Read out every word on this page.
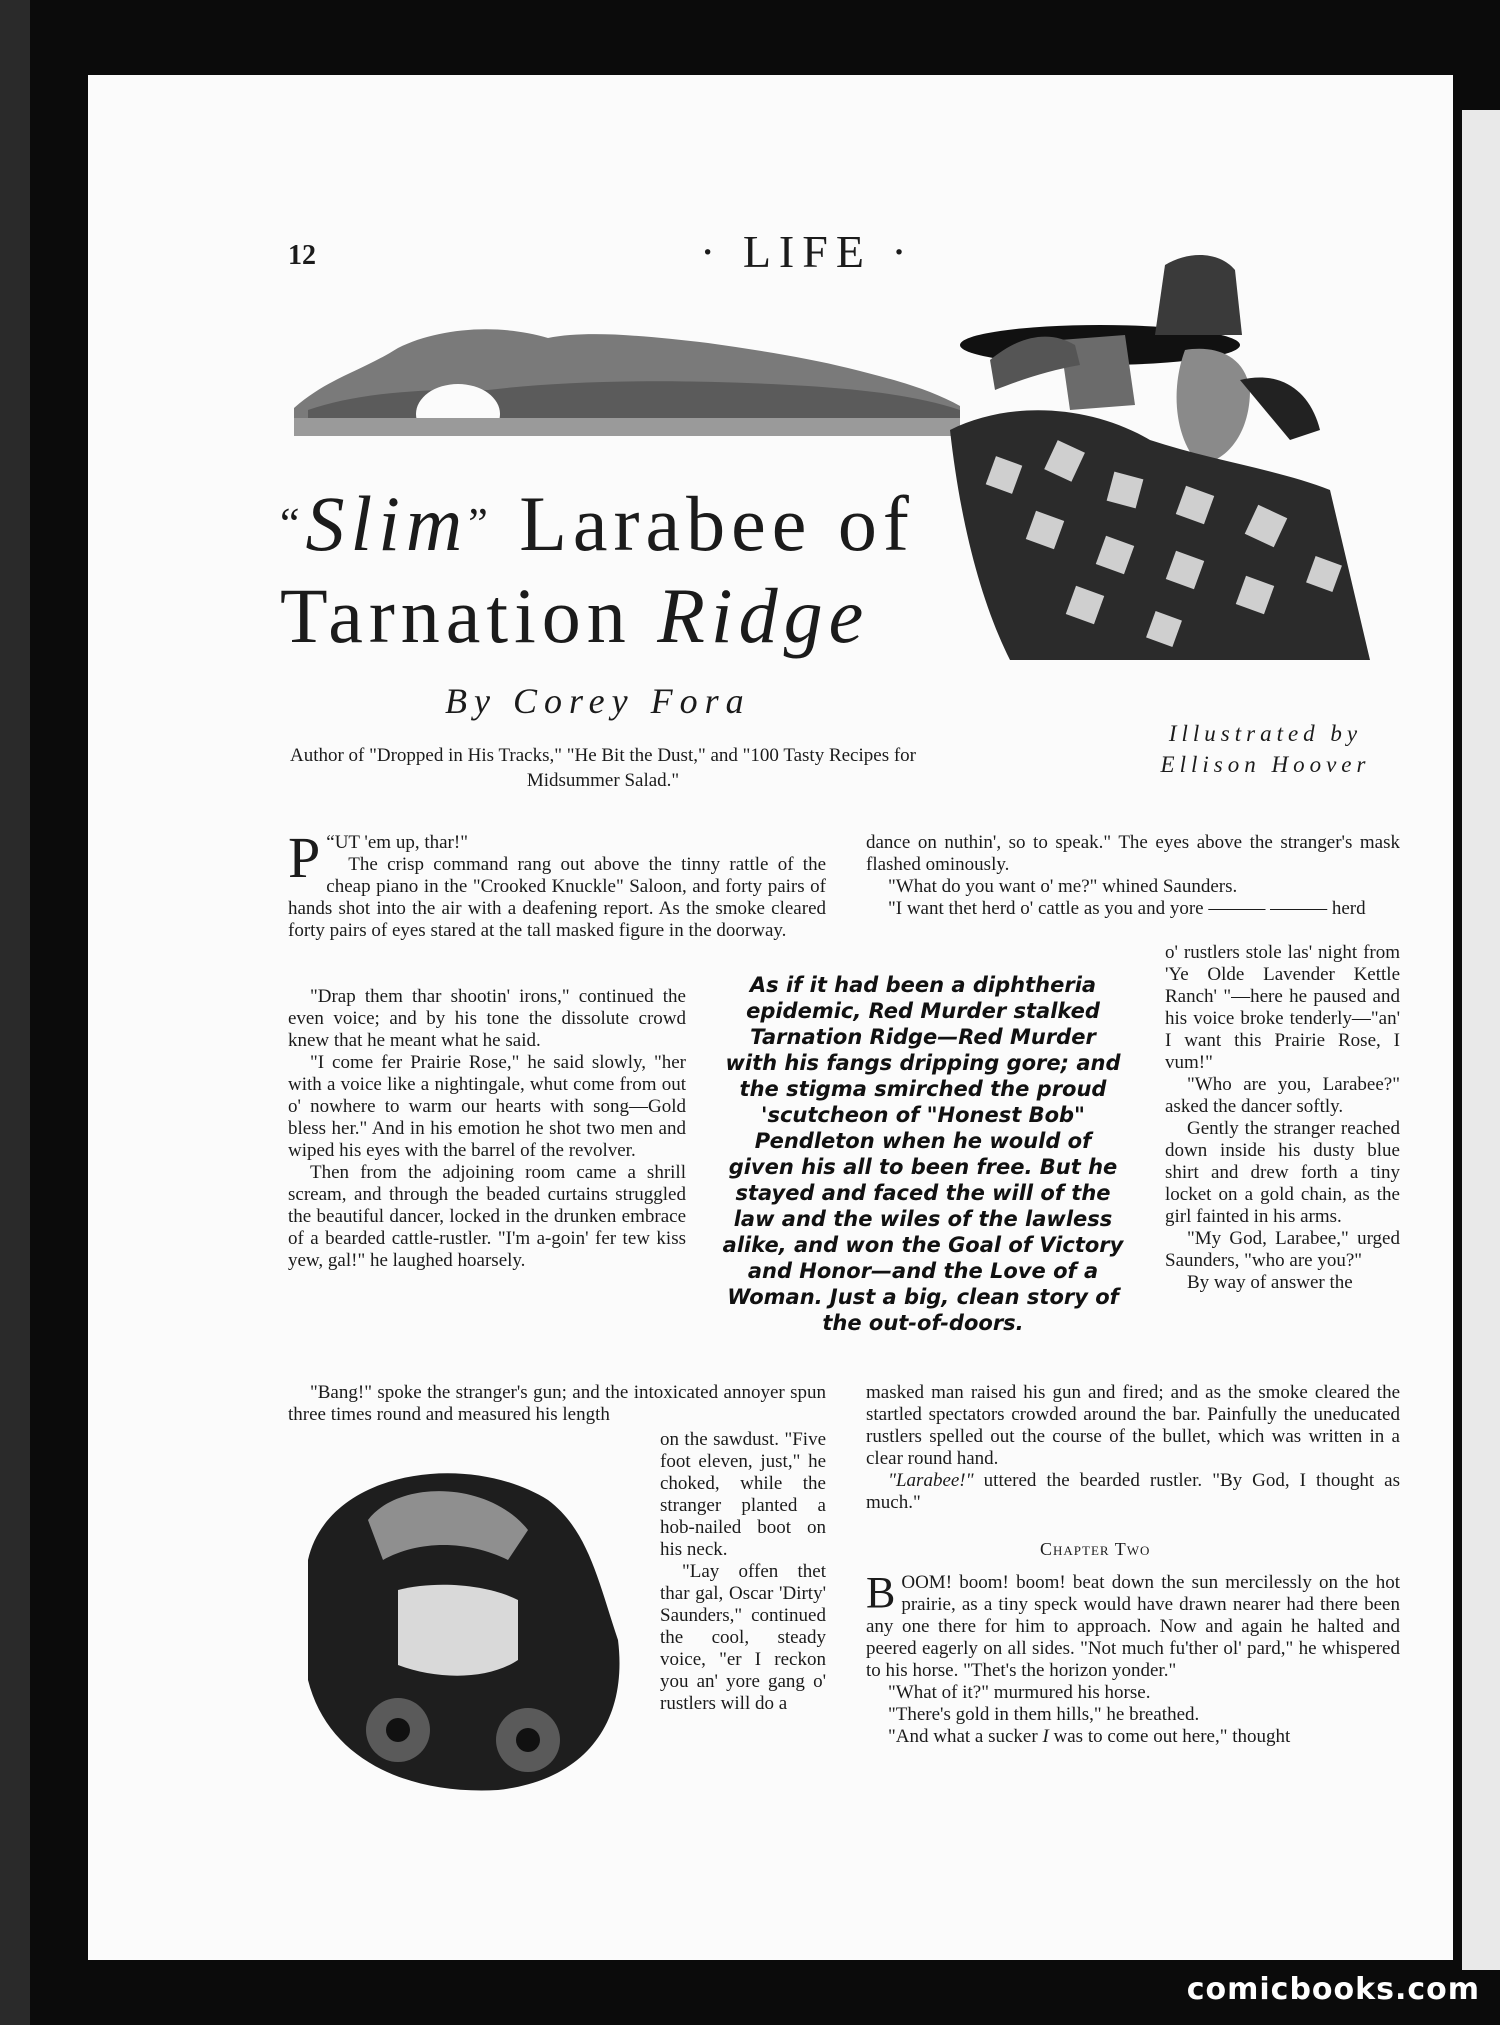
12	· LIFE ·
“Slim” Larabee of
Tarnation Ridge
By Corey Fora
Illustrated by
Ellison Hoover
Author of "Dropped in His Tracks," "He Bit the Dust," and "100 Tasty Recipes for Midsummer Salad."

“
P UT 'em up, thar!"

The crisp command rang out above the tinny rattle of the cheap piano in the "Crooked Knuckle" Saloon, and forty pairs of hands shot into the air with a deafening report. As the smoke cleared forty pairs of eyes stared at the tall masked figure in the doorway.

"Drap them thar shootin' irons," continued the even voice; and by his tone the dissolute crowd knew that he meant what he said.

"I come fer Prairie Rose," he said slowly, "her with a voice like a nightingale, whut come from out o' nowhere to warm our hearts with song—Gold bless her." And in his emotion he shot two men and wiped his eyes with the barrel of the revolver.

Then from the adjoining room came a shrill scream, and through the beaded curtains struggled the beautiful dancer, locked in the drunken embrace of a bearded cattle-rustler. "I'm a-goin' fer tew kiss yew, gal!" he laughed hoarsely.

"Bang!" spoke the stranger's gun; and the intoxicated annoyer spun three times round and measured his length

on the sawdust. "Five foot eleven, just," he choked, while the stranger planted a hob-nailed boot on his neck.

"Lay offen thet thar gal, Oscar 'Dirty' Saunders," continued the cool, steady voice, "er I reckon you an' yore gang o' rustlers will do a

As if it had been a diphtheria epidemic, Red Murder stalked Tarnation Ridge—Red Murder with his fangs dripping gore; and the stigma smirched the proud 'scutcheon of "Honest Bob" Pendleton when he would of given his all to been free. But he stayed and faced the will of the law and the wiles of the lawless alike, and won the Goal of Victory and Honor—and the Love of a Woman. Just a big, clean story of the out-of-doors.

dance on nuthin', so to speak." The eyes above the stranger's mask flashed ominously.

"What do you want o' me?" whined Saunders.

"I want thet herd o' cattle as you and yore ——— ——— herd

o' rustlers stole las' night from 'Ye Olde Lavender Kettle Ranch' "—here he paused and his voice broke tenderly—"an' I want this Prairie Rose, I vum!"

"Who are you, Larabee?" asked the dancer softly.

Gently the stranger reached down inside his dusty blue shirt and drew forth a tiny locket on a gold chain, as the girl fainted in his arms.

"My God, Larabee," urged Saunders, "who are you?"

By way of answer the

masked man raised his gun and fired; and as the smoke cleared the startled spectators crowded around the bar. Painfully the uneducated rustlers spelled out the course of the bullet, which was written in a clear round hand.

"Larabee!" uttered the bearded rustler. "By God, I thought as much."

Chapter Two

BOOM! boom! boom! beat down the sun mercilessly on the hot prairie, as a tiny speck would have drawn nearer had there been any one there for him to approach. Now and again he halted and peered eagerly on all sides. "Not much fu'ther ol' pard," he whispered to his horse. "Thet's the horizon yonder."

"What of it?" murmured his horse.

"There's gold in them hills," he breathed.

"And what a sucker I was to come out here," thought

comicbooks.com
